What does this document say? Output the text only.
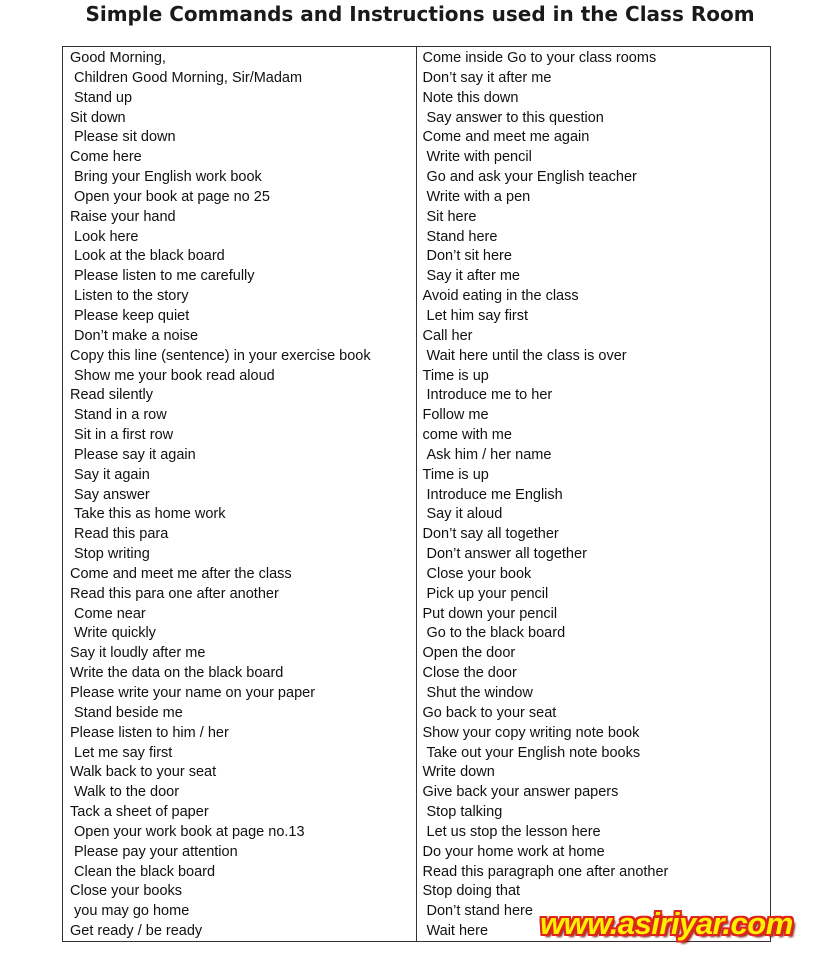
Simple Commands and Instructions used in the Class Room
Good Morning,
Children Good Morning, Sir/Madam
Stand up
Sit down
Please sit down
Come here
Bring your English work book
Open your book at page no 25
Raise your hand
Look here
Look at the black board
Please listen to me carefully
Listen to the story
Please keep quiet
Don’t make a noise
Copy this line (sentence) in your exercise book
Show me your book read aloud
Read silently
Stand in a row
Sit in a first row
Please say it again
Say it again
Say answer
Take this as home work
Read this para
Stop writing
Come and meet me after the class
Read this para one after another
Come near
Write quickly
Say it loudly after me
Write the data on the black board
Please write your name on your paper
Stand beside me
Please listen to him / her
Let me say first
Walk back to your seat
Walk to the door
Tack a sheet of paper
Open your work book at page no.13
Please pay your attention
Clean the black board
Close your books
you may go home
Get ready / be ready
Come inside Go to your class rooms
Don’t say it after me
Note this down
Say answer to this question
Come and meet me again
Write with pencil
Go and ask your English teacher
Write with a pen
Sit here
Stand here
Don’t sit here
Say it after me
Avoid eating in the class
Let him say first
Call her
Wait here until the class is over
Time is up
Introduce me to her
Follow me
come with me
Ask him / her name
Time is up
Introduce me English
Say it aloud
Don’t say all together
Don’t answer all together
Close your book
Pick up your pencil
Put down your pencil
Go to the black board
Open the door
Close the door
Shut the window
Go back to your seat
Show your copy writing note book
Take out your English note books
Write down
Give back your answer papers
Stop talking
Let us stop the lesson here
Do your home work at home
Read this paragraph one after another
Stop doing that
Don’t stand here
Wait here	www.asiriyar.com
